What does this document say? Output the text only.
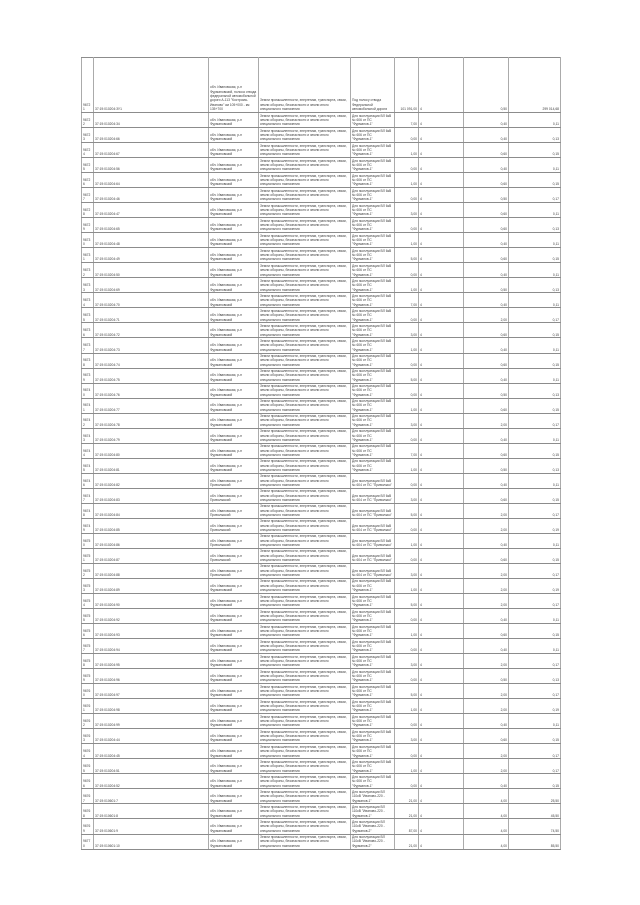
96721	37:19:010204:ЗУ1	обл. Ивановская, р-н Фурмановский, полоса отвода федеральной автомобильной дороги А-113 "Кострома-Иваново" км 105+000 - км 135+700	Земли промышленности, энергетики, транспорта, связи, земли обороны, безопасности и земли иного специального назначения	Под полосу отвода Федеральной автомобильной дороги	101 091,00	4	0,50	299 014,68
96722	37:19:010204:34	обл. Ивановская, р-н Фурмановский	Земли промышленности, энергетики, транспорта, связи, земли обороны, безопасности и земли иного специального назначения	Для эксплуатации ВЛ 6кВ № 606 от ПС "Фурманов-1"	7,00	4	0,40	0,11
96723	37:19:010204:66	обл. Ивановская, р-н Фурмановский	Земли промышленности, энергетики, транспорта, связи, земли обороны, безопасности и земли иного специального назначения	Для эксплуатации ВЛ 6кВ № 606 от ПС "Фурманов-1"	0,00	4	0,40	0,13
96724	37:19:010204:67	обл. Ивановская, р-н Фурмановский	Земли промышленности, энергетики, транспорта, связи, земли обороны, безопасности и земли иного специального назначения	Для эксплуатации ВЛ 6кВ № 606 от ПС "Фурманов-1"	1,00	4	0,60	0,15
96725	37:19:010204:56	обл. Ивановская, р-н Фурмановский	Земли промышленности, энергетики, транспорта, связи, земли обороны, безопасности и земли иного специального назначения	Для эксплуатации ВЛ 6кВ № 606 от ПС "Фурманов-1"	0,00	4	0,40	0,11
96726	37:19:010204:64	обл. Ивановская, р-н Фурмановский	Земли промышленности, энергетики, транспорта, связи, земли обороны, безопасности и земли иного специального назначения	Для эксплуатации ВЛ 6кВ № 606 от ПС "Фурманов-1"	1,00	4	0,60	0,15
96727	37:19:010204:46	обл. Ивановская, р-н Фурмановский	Земли промышленности, энергетики, транспорта, связи, земли обороны, безопасности и земли иного специального назначения	Для эксплуатации ВЛ 6кВ № 606 от ПС "Фурманов-1"	0,00	4	0,50	0,17
96728	37:19:010204:47	обл. Ивановская, р-н Фурмановский	Земли промышленности, энергетики, транспорта, связи, земли обороны, безопасности и земли иного специального назначения	Для эксплуатации ВЛ 6кВ № 606 от ПС "Фурманов-1"	3,00	4	0,60	0,11
96729	37:19:010204:65	обл. Ивановская, р-н Фурмановский	Земли промышленности, энергетики, транспорта, связи, земли обороны, безопасности и земли иного специального назначения	Для эксплуатации ВЛ 6кВ № 606 от ПС "Фурманов-1"	0,00	4	0,60	0,13
96730	37:19:010204:48	обл. Ивановская, р-н Фурмановский	Земли промышленности, энергетики, транспорта, связи, земли обороны, безопасности и земли иного специального назначения	Для эксплуатации ВЛ 6кВ № 606 от ПС "Фурманов-1"	1,00	4	0,40	0,11
96731	37:19:010204:49	обл. Ивановская, р-н Фурмановский	Земли промышленности, энергетики, транспорта, связи, земли обороны, безопасности и земли иного специального назначения	Для эксплуатации ВЛ 6кВ № 606 от ПС "Фурманов-1"	5,00	4	0,60	0,15
96732	37:19:010204:50	обл. Ивановская, р-н Фурмановский	Земли промышленности, энергетики, транспорта, связи, земли обороны, безопасности и земли иного специального назначения	Для эксплуатации ВЛ 6кВ № 606 от ПС "Фурманов-1"	0,00	4	0,40	0,11
96733	37:19:010204:69	обл. Ивановская, р-н Фурмановский	Земли промышленности, энергетики, транспорта, связи, земли обороны, безопасности и земли иного специального назначения	Для эксплуатации ВЛ 6кВ № 606 от ПС "Фурманов-1"	1,00	4	0,50	0,13
96734	37:19:010204:70	обл. Ивановская, р-н Фурмановский	Земли промышленности, энергетики, транспорта, связи, земли обороны, безопасности и земли иного специального назначения	Для эксплуатации ВЛ 6кВ № 606 от ПС "Фурманов-1"	7,00	4	0,40	0,11
96735	37:19:010204:71	обл. Ивановская, р-н Фурмановский	Земли промышленности, энергетики, транспорта, связи, земли обороны, безопасности и земли иного специального назначения	Для эксплуатации ВЛ 6кВ № 606 от ПС "Фурманов-1"	0,00	4	2,00	0,17
96736	37:19:010204:72	обл. Ивановская, р-н Фурмановский	Земли промышленности, энергетики, транспорта, связи, земли обороны, безопасности и земли иного специального назначения	Для эксплуатации ВЛ 6кВ № 606 от ПС "Фурманов-1"	3,00	4	0,60	0,15
96737	37:19:010204:73	обл. Ивановская, р-н Фурмановский	Земли промышленности, энергетики, транспорта, связи, земли обороны, безопасности и земли иного специального назначения	Для эксплуатации ВЛ 6кВ № 606 от ПС "Фурманов-1"	1,00	4	0,40	0,11
96738	37:19:010204:74	обл. Ивановская, р-н Фурмановский	Земли промышленности, энергетики, транспорта, связи, земли обороны, безопасности и земли иного специального назначения	Для эксплуатации ВЛ 6кВ № 606 от ПС "Фурманов-1"	0,00	4	0,60	0,15
96739	37:19:010204:75	обл. Ивановская, р-н Фурмановский	Земли промышленности, энергетики, транспорта, связи, земли обороны, безопасности и земли иного специального назначения	Для эксплуатации ВЛ 6кВ № 606 от ПС "Фурманов-1"	5,00	4	0,40	0,11
96740	37:19:010204:76	обл. Ивановская, р-н Фурмановский	Земли промышленности, энергетики, транспорта, связи, земли обороны, безопасности и земли иного специального назначения	Для эксплуатации ВЛ 6кВ № 606 от ПС "Фурманов-1"	0,00	4	0,50	0,13
96741	37:19:010204:77	обл. Ивановская, р-н Фурмановский	Земли промышленности, энергетики, транспорта, связи, земли обороны, безопасности и земли иного специального назначения	Для эксплуатации ВЛ 6кВ № 606 от ПС "Фурманов-1"	1,00	4	0,60	0,15
96742	37:19:010204:78	обл. Ивановская, р-н Фурмановский	Земли промышленности, энергетики, транспорта, связи, земли обороны, безопасности и земли иного специального назначения	Для эксплуатации ВЛ 6кВ № 606 от ПС "Фурманов-1"	3,00	4	2,00	0,17
96743	37:19:010204:79	обл. Ивановская, р-н Фурмановский	Земли промышленности, энергетики, транспорта, связи, земли обороны, безопасности и земли иного специального назначения	Для эксплуатации ВЛ 6кВ № 606 от ПС "Фурманов-1"	0,00	4	0,40	0,11
96744	37:19:010204:80	обл. Ивановская, р-н Фурмановский	Земли промышленности, энергетики, транспорта, связи, земли обороны, безопасности и земли иного специального назначения	Для эксплуатации ВЛ 6кВ № 606 от ПС "Фурманов-1"	7,00	4	0,60	0,15
96745	37:19:010204:81	обл. Ивановская, р-н Фурмановский	Земли промышленности, энергетики, транспорта, связи, земли обороны, безопасности и земли иного специального назначения	Для эксплуатации ВЛ 6кВ № 606 от ПС "Фурманов-1"	1,00	4	0,50	0,13
96746	37:19:010204:82	обл. Ивановская, р-н Приволжский	Земли промышленности, энергетики, транспорта, связи, земли обороны, безопасности и земли иного специального назначения	Для эксплуатации ВЛ 6кВ № 604 от ПС "Приволжск"	0,00	4	0,40	0,11
96747	37:19:010204:83	обл. Ивановская, р-н Приволжский	Земли промышленности, энергетики, транспорта, связи, земли обороны, безопасности и земли иного специального назначения	Для эксплуатации ВЛ 6кВ № 604 от ПС "Приволжск"	3,00	4	0,60	0,15
96748	37:19:010204:84	обл. Ивановская, р-н Приволжский	Земли промышленности, энергетики, транспорта, связи, земли обороны, безопасности и земли иного специального назначения	Для эксплуатации ВЛ 6кВ № 604 от ПС "Приволжск"	5,00	4	2,00	0,17
96749	37:19:010204:85	обл. Ивановская, р-н Приволжский	Земли промышленности, энергетики, транспорта, связи, земли обороны, безопасности и земли иного специального назначения	Для эксплуатации ВЛ 6кВ № 604 от ПС "Приволжск"	0,00	4	2,00	0,19
96750	37:19:010204:86	обл. Ивановская, р-н Приволжский	Земли промышленности, энергетики, транспорта, связи, земли обороны, безопасности и земли иного специального назначения	Для эксплуатации ВЛ 6кВ № 604 от ПС "Приволжск"	1,00	4	0,40	0,11
96751	37:19:010204:87	обл. Ивановская, р-н Приволжский	Земли промышленности, энергетики, транспорта, связи, земли обороны, безопасности и земли иного специального назначения	Для эксплуатации ВЛ 6кВ № 604 от ПС "Приволжск"	0,00	4	0,60	0,15
96752	37:19:010204:88	обл. Ивановская, р-н Приволжский	Земли промышленности, энергетики, транспорта, связи, земли обороны, безопасности и земли иного специального назначения	Для эксплуатации ВЛ 6кВ № 604 от ПС "Приволжск"	3,00	4	2,00	0,17
96753	37:19:010204:89	обл. Ивановская, р-н Фурмановский	Земли промышленности, энергетики, транспорта, связи, земли обороны, безопасности и земли иного специального назначения	Для эксплуатации ВЛ 6кВ № 606 от ПС "Фурманов-1"	1,00	4	2,00	0,19
96754	37:19:010204:90	обл. Ивановская, р-н Фурмановский	Земли промышленности, энергетики, транспорта, связи, земли обороны, безопасности и земли иного специального назначения	Для эксплуатации ВЛ 6кВ № 606 от ПС "Фурманов-1"	5,00	4	2,00	0,17
96755	37:19:010204:92	обл. Ивановская, р-н Фурмановский	Земли промышленности, энергетики, транспорта, связи, земли обороны, безопасности и земли иного специального назначения	Для эксплуатации ВЛ 6кВ № 606 от ПС "Фурманов-1"	0,00	4	0,40	0,11
96756	37:19:010204:93	обл. Ивановская, р-н Фурмановский	Земли промышленности, энергетики, транспорта, связи, земли обороны, безопасности и земли иного специального назначения	Для эксплуатации ВЛ 6кВ № 606 от ПС "Фурманов-1"	1,00	4	0,60	0,15
96757	37:19:010204:94	обл. Ивановская, р-н Фурмановский	Земли промышленности, энергетики, транспорта, связи, земли обороны, безопасности и земли иного специального назначения	Для эксплуатации ВЛ 6кВ № 606 от ПС "Фурманов-1"	0,00	4	0,40	0,11
96758	37:19:010204:95	обл. Ивановская, р-н Фурмановский	Земли промышленности, энергетики, транспорта, связи, земли обороны, безопасности и земли иного специального назначения	Для эксплуатации ВЛ 6кВ № 606 от ПС "Фурманов-1"	3,00	4	2,00	0,17
96759	37:19:010204:96	обл. Ивановская, р-н Фурмановский	Земли промышленности, энергетики, транспорта, связи, земли обороны, безопасности и земли иного специального назначения	Для эксплуатации ВЛ 6кВ № 606 от ПС "Фурманов-1"	0,00	4	0,50	0,13
96760	37:19:010204:97	обл. Ивановская, р-н Фурмановский	Земли промышленности, энергетики, транспорта, связи, земли обороны, безопасности и земли иного специального назначения	Для эксплуатации ВЛ 6кВ № 606 от ПС "Фурманов-1"	5,00	4	2,00	0,17
96761	37:19:010204:98	обл. Ивановская, р-н Фурмановский	Земли промышленности, энергетики, транспорта, связи, земли обороны, безопасности и земли иного специального назначения	Для эксплуатации ВЛ 6кВ № 606 от ПС "Фурманов-1"	1,00	4	2,00	0,19
96762	37:19:010204:99	обл. Ивановская, р-н Фурмановский	Земли промышленности, энергетики, транспорта, связи, земли обороны, безопасности и земли иного специального назначения	Для эксплуатации ВЛ 6кВ № 606 от ПС "Фурманов-1"	0,00	4	0,40	0,11
96763	37:19:010204:44	обл. Ивановская, р-н Фурмановский	Земли промышленности, энергетики, транспорта, связи, земли обороны, безопасности и земли иного специального назначения	Для эксплуатации ВЛ 6кВ № 606 от ПС "Фурманов-1"	3,00	4	0,60	0,15
96764	37:19:010204:45	обл. Ивановская, р-н Фурмановский	Земли промышленности, энергетики, транспорта, связи, земли обороны, безопасности и земли иного специального назначения	Для эксплуатации ВЛ 6кВ № 606 от ПС "Фурманов-1"	0,00	4	2,00	0,17
96765	37:19:010204:51	обл. Ивановская, р-н Фурмановский	Земли промышленности, энергетики, транспорта, связи, земли обороны, безопасности и земли иного специального назначения	Для эксплуатации ВЛ 6кВ № 606 от ПС "Фурманов-1"	1,00	4	2,00	0,17
96766	37:19:010204:52	обл. Ивановская, р-н Фурмановский	Земли промышленности, энергетики, транспорта, связи, земли обороны, безопасности и земли иного специального назначения	Для эксплуатации ВЛ 6кВ № 606 от ПС "Фурманов-1"	0,00	4	0,40	0,15
96767	37:19:010601:7	обл. Ивановская, р-н Фурмановский	Земли промышленности, энергетики, транспорта, связи, земли обороны, безопасности и земли иного специального назначения	Для эксплуатации ВЛ 110кВ "Иваново-220 - Фурманов-1"	21,00	4	4,00	25,50
96768	37:19:010601:8	обл. Ивановская, р-н Фурмановский	Земли промышленности, энергетики, транспорта, связи, земли обороны, безопасности и земли иного специального назначения	Для эксплуатации ВЛ 110кВ "Иваново-220 - Фурманов-1"	21,00	4	4,00	45,50
96769	37:19:010601:9	обл. Ивановская, р-н Фурмановский	Земли промышленности, энергетики, транспорта, связи, земли обороны, безопасности и земли иного специального назначения	Для эксплуатации ВЛ 110кВ "Иваново-220 - Фурманов-2"	87,00	4	4,00	74,50
96770	37:19:010601:10	обл. Ивановская, р-н Фурмановский	Земли промышленности, энергетики, транспорта, связи, земли обороны, безопасности и земли иного специального назначения	Для эксплуатации ВЛ 110кВ "Иваново-220 - Фурманов-2"	21,00	4	4,00	85,50
